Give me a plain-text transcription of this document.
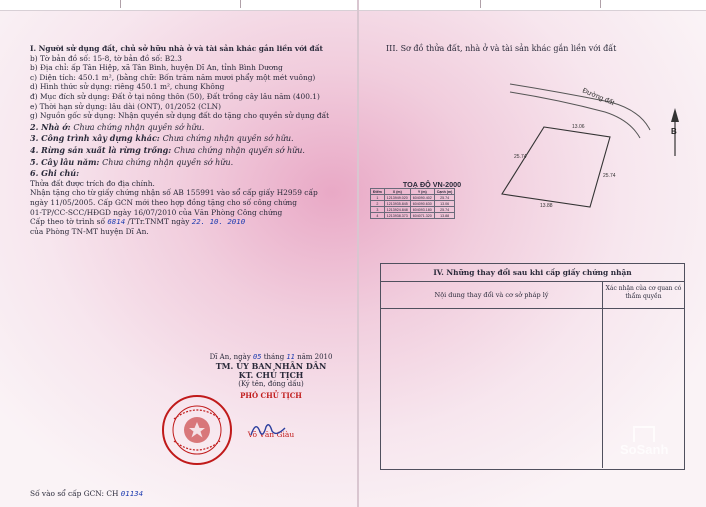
I. Người sử dụng đất, chủ sở hữu nhà ở và tài sản khác gắn liền với đất
b) Tờ bản đồ số: 15-8, tờ bản đồ số: B2.3
b) Địa chỉ: ấp Tân Hiệp, xã Tân Bình, huyện Dĩ An, tỉnh Bình Dương
c) Diện tích: 450.1 m², (bằng chữ: Bốn trăm năm mươi phẩy một mét vuông)
d) Hình thức sử dụng: riêng 450.1 m², chung Không
đ) Mục đích sử dụng: Đất ở tại nông thôn (50), Đất trồng cây lâu năm (400.1)
e) Thời hạn sử dụng: lâu dài (ONT), 01/2052 (CLN)
g) Nguồn gốc sử dụng: Nhận quyền sử dụng đất do tặng cho quyền sử dụng đất
2. Nhà ở: Chưa chứng nhận quyền sở hữu.
3. Công trình xây dựng khác: Chưa chứng nhận quyền sở hữu.
4. Rừng sản xuất là rừng trồng: Chưa chứng nhận quyền sở hữu.
5. Cây lâu năm: Chưa chứng nhận quyền sở hữu.
6. Ghi chú:
Thửa đất được trích đo địa chính.
Nhận tặng cho từ giấy chứng nhận số AB 155991 vào sổ cấp giấy H2959 cấp
ngày 11/05/2005. Cấp GCN mới theo hợp đồng tặng cho số công chứng
01-TP/CC-SCC/HĐGD ngày 16/07/2010 của Văn Phòng Công chứng
Cấp theo tờ trình số 6814 /TTr.TNMT ngày 22. 10. 2010
của Phòng TN-MT huyện Dĩ An.
Dĩ An, ngày 05 tháng 11 năm 2010
TM. ỦY BAN NHÂN DÂN
KT. CHỦ TỊCH
(Ký tên, đóng dấu)
PHÓ CHỦ TỊCH
Võ Văn Giàu
Số vào sổ cấp GCN: CH 01134
III. Sơ đồ thửa đất, nhà ở và tài sản khác gắn liền với đất
Đường đất
13.06
25.74
13.88
25.74
B
TOẠ ĐỘ VN-2000
Điểm	X (m)	Y (m)	Cạnh (m)
1	1213949.020	604090.402	25.74
2	1213935.845	604090.630	13.06
3	1213924.848	604093.180	25.74
4	1213938.373	604071.320	13.88
IV. Những thay đổi sau khi cấp giấy chứng nhận
Nội dung thay đổi và cơ sở pháp lý
Xác nhận của cơ quan có thẩm quyền
SoSanh
